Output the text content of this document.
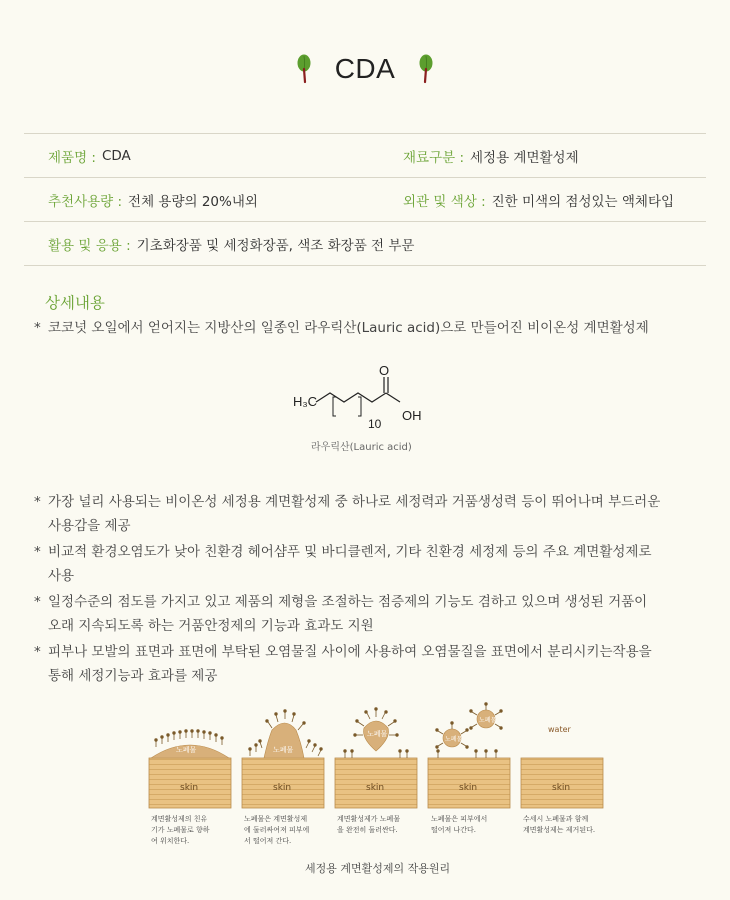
CDA
제품명 : CDA	재료구분 : 세정용 계면활성제
추천사용량 : 전체 용량의 20%내외	외관 및 색상 : 진한 미색의 점성있는 액체타입
활용 및 응용 : 기초화장품 및 세정화장품, 색조 화장품 전 부문
상세내용
* 코코넛 오일에서 얻어지는 지방산의 일종인 라우릭산(Lauric acid)으로 만들어진 비이온성 계면활성제
H₃C
O
OH
10
라우릭산(Lauric acid)
* 가장 널리 사용되는 비이온성 세정용 계면활성제 중 하나로 세정력과 거품생성력 등이 뛰어나며 부드러운
사용감을 제공
* 비교적 환경오염도가 낮아 친환경 헤어샴푸 및 바디클렌저, 기타 친환경 세정제 등의 주요 계면활성제로
사용
* 일정수준의 점도를 가지고 있고 제품의 제형을 조절하는 점증제의 기능도 겸하고 있으며 생성된 거품이
오래 지속되도록 하는 거품안정제의 기능과 효과도 지원
* 피부나 모발의 표면과 표면에 부탁된 오염물질 사이에 사용하여 오염물질을 표면에서 분리시키는작용을
통해 세정기능과 효과를 제공
skin
노폐물
skin
노폐물
skin
노폐물
skin
노폐물
노폐물
skin
water
계면활성제의 친유
기가 노폐물로 향하
여 위치한다.
노폐물은 계면활성제
에 둘러싸여져 피부에
서 떨어져 간다.
계면활성제가 노폐물
을 완전히 둘러싼다.
노폐물은 피부에서
떨어져 나간다.
수세시 노폐물과 함께
계면활성제는 제거된다.
세정용 계면활성제의 작용원리
